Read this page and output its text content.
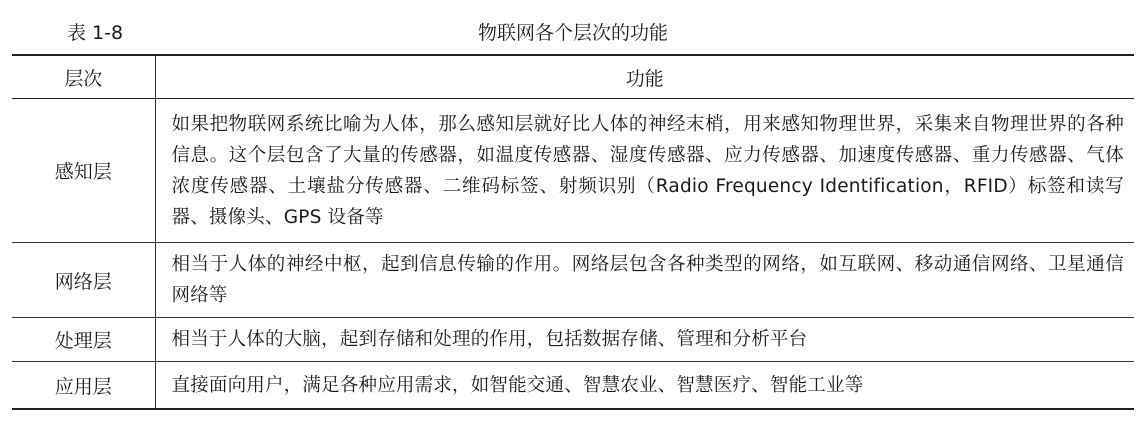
表 1-8	物联网各个层次的功能
层次	功能
感知层	如果把物联网系统比喻为人体，那么感知层就好比人体的神经末梢，用来感知物理世界，采集来自物理世界的各种信息。这个层包含了大量的传感器，如温度传感器、湿度传感器、应力传感器、加速度传感器、重力传感器、气体浓度传感器、土壤盐分传感器、二维码标签、射频识别（Radio Frequency Identification，RFID）标签和读写器、摄像头、GPS 设备等
网络层	相当于人体的神经中枢，起到信息传输的作用。网络层包含各种类型的网络，如互联网、移动通信网络、卫星通信网络等
处理层	相当于人体的大脑，起到存储和处理的作用，包括数据存储、管理和分析平台
应用层	直接面向用户，满足各种应用需求，如智能交通、智慧农业、智慧医疗、智能工业等
